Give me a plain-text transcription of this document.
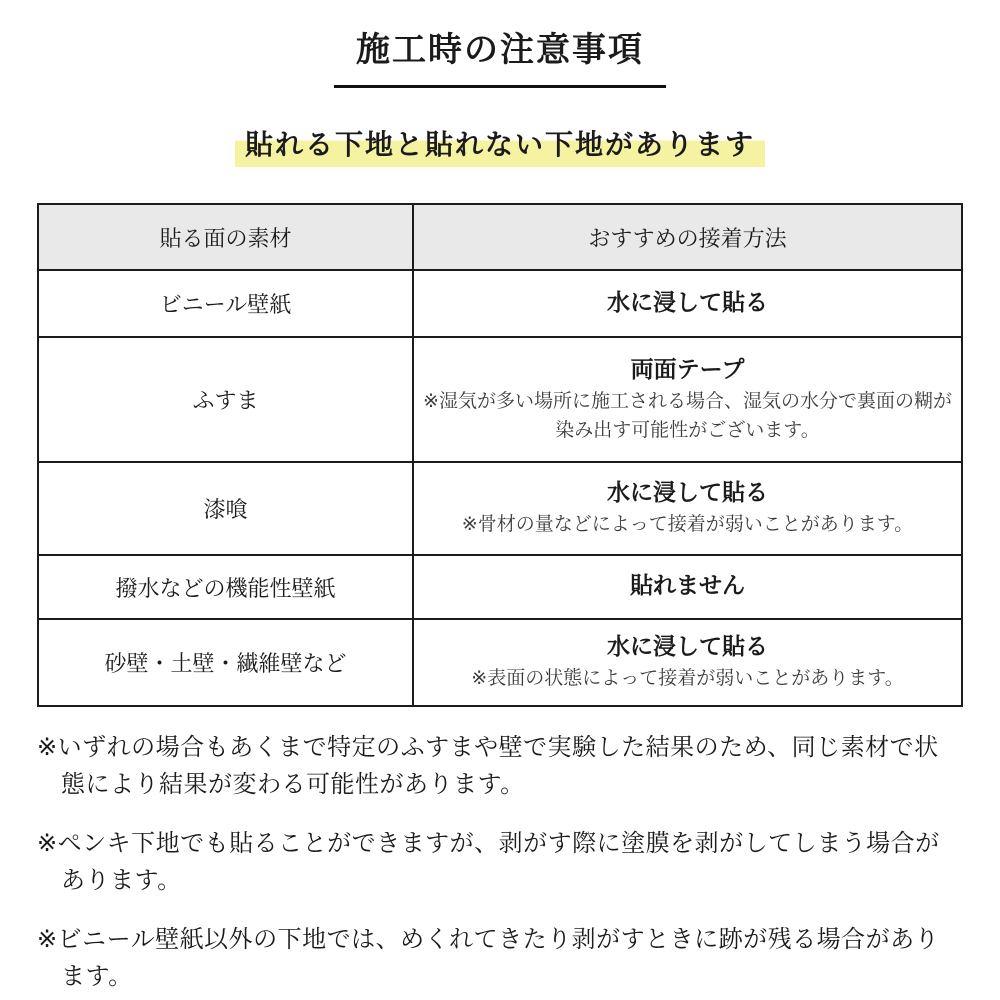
施工時の注意事項
貼れる下地と貼れない下地があります
貼る面の素材	おすすめの接着方法
ビニール壁紙	水に浸して貼る

ふすま	両面テープ
※湿気が多い場所に施工される場合、湿気の水分で裏面の糊が染み出す可能性がございます。

漆喰	水に浸して貼る
※骨材の量などによって接着が弱いことがあります。

撥水などの機能性壁紙	貼れません

砂壁・土壁・繊維壁など	水に浸して貼る
※表面の状態によって接着が弱いことがあります。

※いずれの場合もあくまで特定のふすまや壁で実験した結果のため、同じ素材で状態により結果が変わる可能性があります。

※ペンキ下地でも貼ることができますが、剥がす際に塗膜を剥がしてしまう場合があります。

※ビニール壁紙以外の下地では、めくれてきたり剥がすときに跡が残る場合があります。
